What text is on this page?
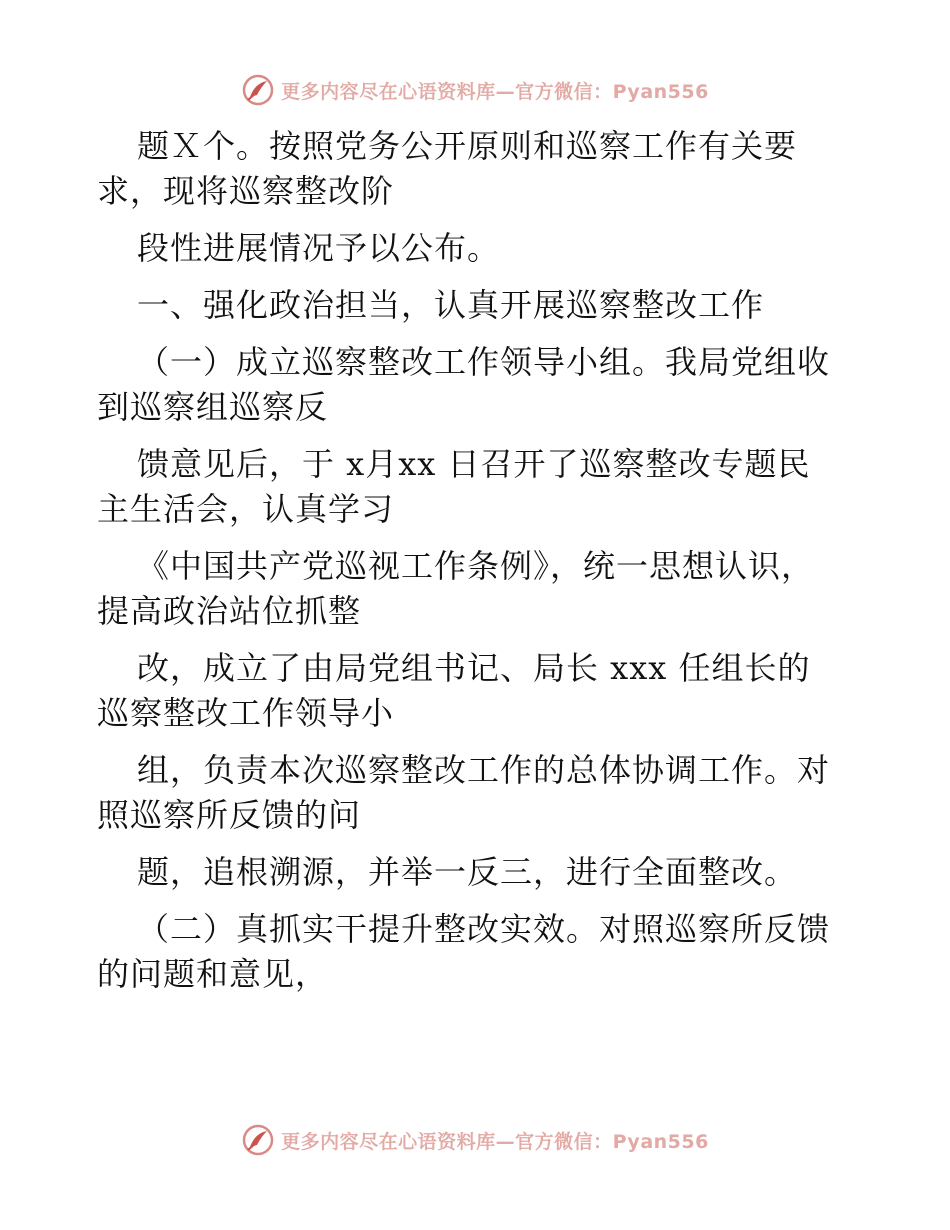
更多内容尽在心语资料库—官方微信：Pyan556
题Ｘ个。按照党务公开原则和巡察工作有关要
求，现将巡察整改阶
段性进展情况予以公布。
一、强化政治担当，认真开展巡察整改工作
（一）成立巡察整改工作领导小组。我局党组收
到巡察组巡察反
馈意见后，于 x月xx 日召开了巡察整改专题民
主生活会，认真学习
《中国共产党巡视工作条例》，统一思想认识，
提高政治站位抓整
改，成立了由局党组书记、局长 xxx 任组长的
巡察整改工作领导小
组，负责本次巡察整改工作的总体协调工作。对
照巡察所反馈的问
题，追根溯源，并举一反三，进行全面整改。
（二）真抓实干提升整改实效。对照巡察所反馈
的问题和意见，
更多内容尽在心语资料库—官方微信：Pyan556
